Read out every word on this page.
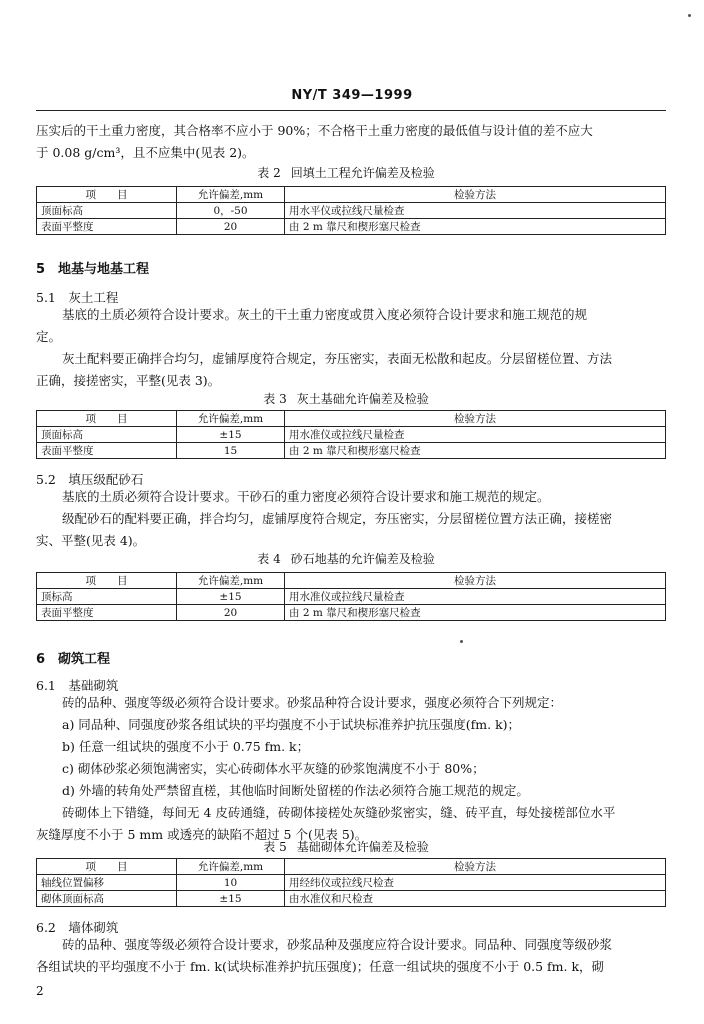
NY/T 349—1999
压实后的干土重力密度，其合格率不应小于 90%；不合格干土重力密度的最低值与设计值的差不应大
于 0.08 g/cm³，且不应集中(见表 2)。
表 2 回填土工程允许偏差及检验
项　　目	允许偏差,mm	检验方法
顶面标高	0，-50	用水平仪或拉线尺量检查
表面平整度	20	由 2 m 靠尺和楔形塞尺检查
5　地基与地基工程
5.1　灰土工程
基底的土质必须符合设计要求。灰土的干土重力密度或贯入度必须符合设计要求和施工规范的规
定。
灰土配料要正确拌合均匀，虚铺厚度符合规定，夯压密实，表面无松散和起皮。分层留槎位置、方法
正确，接搓密实，平整(见表 3)。
表 3 灰土基础允许偏差及检验
项　　目	允许偏差,mm	检验方法
顶面标高	±15	用水准仪或拉线尺量检查
表面平整度	15	由 2 m 靠尺和楔形塞尺检查
5.2　填压级配砂石
基底的土质必须符合设计要求。干砂石的重力密度必须符合设计要求和施工规范的规定。
级配砂石的配料要正确，拌合均匀，虚铺厚度符合规定，夯压密实，分层留槎位置方法正确，接槎密
实、平整(见表 4)。
表 4 砂石地基的允许偏差及检验
项　　目	允许偏差,mm	检验方法
顶标高	±15	用水准仪或拉线尺量检查
表面平整度	20	由 2 m 靠尺和楔形塞尺检查
6　砌筑工程
6.1　基础砌筑
砖的品种、强度等级必须符合设计要求。砂浆品种符合设计要求，强度必须符合下列规定：
a) 同品种、同强度砂浆各组试块的平均强度不小于试块标准养护抗压强度(fm. k)；
b) 任意一组试块的强度不小于 0.75 fm. k；
c) 砌体砂浆必须饱满密实，实心砖砌体水平灰缝的砂浆饱满度不小于 80%；
d) 外墙的转角处严禁留直槎，其他临时间断处留槎的作法必须符合施工规范的规定。
砖砌体上下错缝，每间无 4 皮砖通缝，砖砌体接槎处灰缝砂浆密实，缝、砖平直，每处接槎部位水平
灰缝厚度不小于 5 mm 或透亮的缺陷不超过 5 个(见表 5)。
表 5 基础砌体允许偏差及检验
项　　目	允许偏差,mm	检验方法
轴线位置偏移	10	用经纬仪或拉线尺检查
砌体顶面标高	±15	由水准仪和尺检查
6.2　墙体砌筑
砖的品种、强度等级必须符合设计要求，砂浆品种及强度应符合设计要求。同品种、同强度等级砂浆
各组试块的平均强度不小于 fm. k(试块标准养护抗压强度)；任意一组试块的强度不小于 0.5 fm. k，砌
2
